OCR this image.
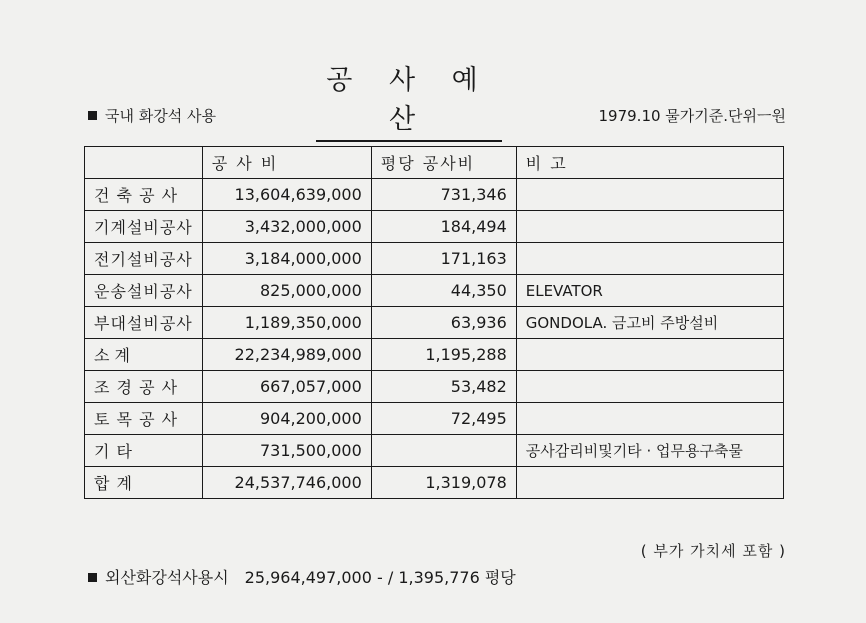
공 사 예 산
국내 화강석 사용	1979.10 물가기준.단위ㅡ원
	공 사 비	평당 공사비	비 고
건 축 공 사	13,604,639,000	731,346	
기계설비공사	3,432,000,000	184,494	
전기설비공사	3,184,000,000	171,163	
운송설비공사	825,000,000	44,350	ELEVATOR
부대설비공사	1,189,350,000	63,936	GONDOLA. 금고비 주방설비

소 계	22,234,989,000	1,195,288	
조 경 공 사	667,057,000	53,482	
토 목 공 사	904,200,000	72,495	
기 타	731,500,000		공사감리비및기타 · 업무용구축물
합 계	24,537,746,000	1,319,078	
( 부가 가치세 포함 )
외산화강석사용시 25,964,497,000 - / 1,395,776 평당
